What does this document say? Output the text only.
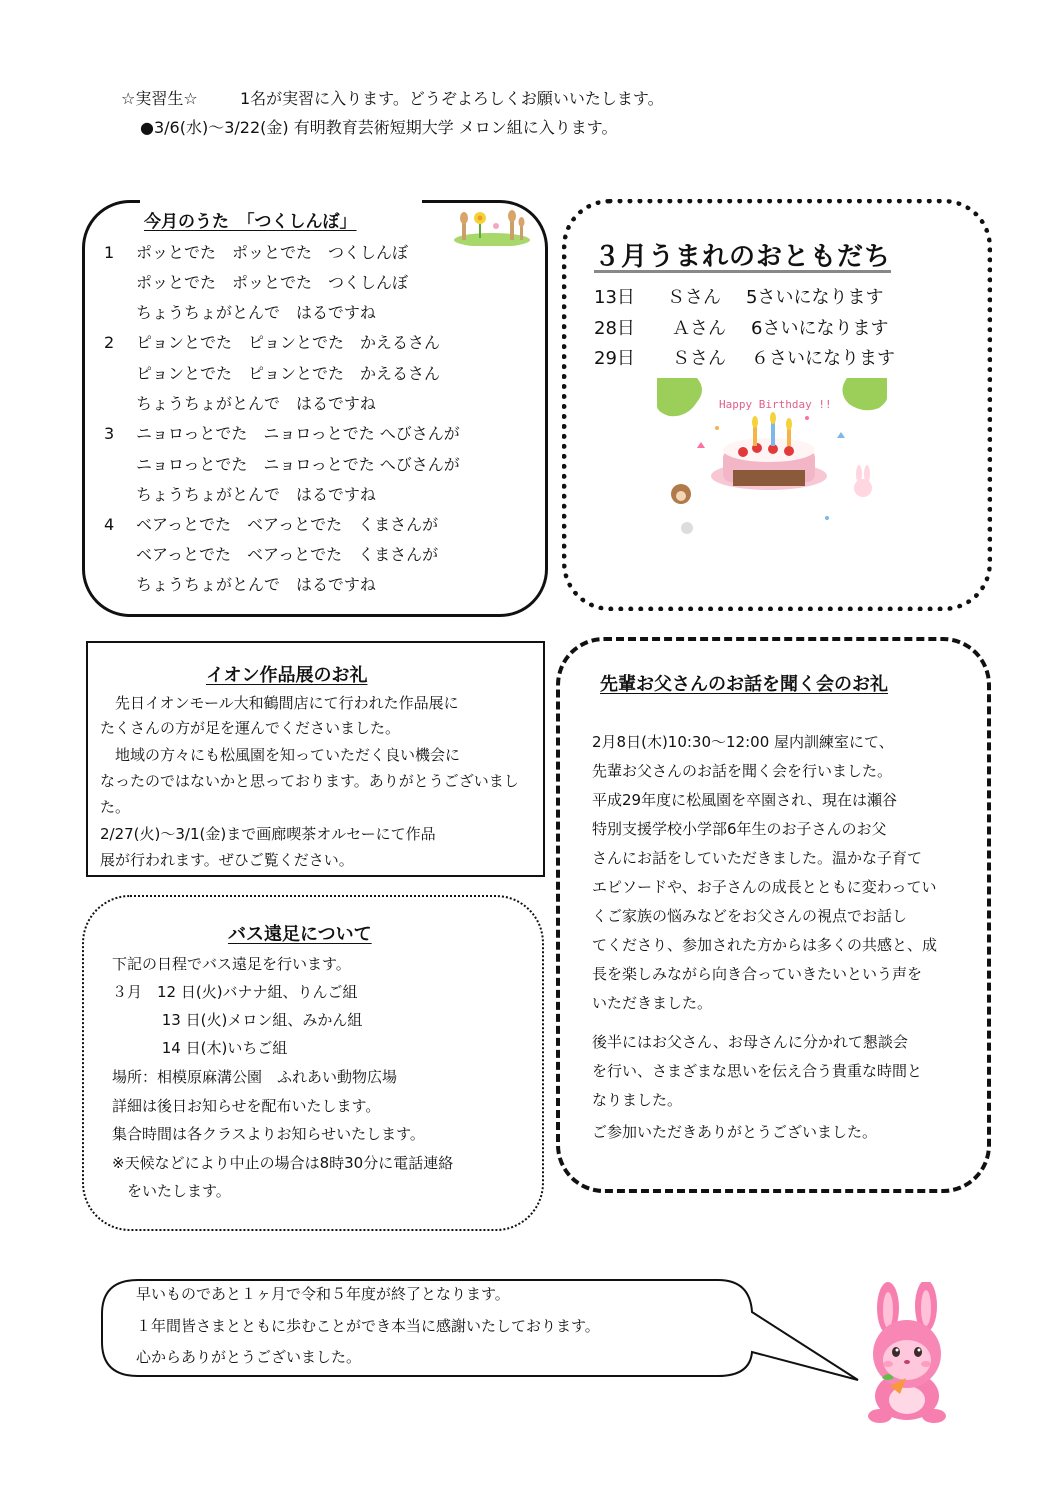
☆実習生☆	1名が実習に入ります。どうぞよろしくお願いいたします。
●3/6(水)～3/22(金) 有明教育芸術短期大学 メロン組に入ります。
今月のうた　「つくしんぼ」
1 ポッとでた　ポッとでた　つくしんぼ
ポッとでた　ポッとでた　つくしんぼ
ちょうちょがとんで　はるですね
2 ピョンとでた　ピョンとでた　かえるさん
ピョンとでた　ピョンとでた　かえるさん
ちょうちょがとんで　はるですね
3 ニョロっとでた　ニョロっとでた へびさんが
ニョロっとでた　ニョロっとでた へびさんが
ちょうちょがとんで　はるですね
4 ベアっとでた　ベアっとでた　くまさんが
ベアっとでた　ベアっとでた　くまさんが
ちょうちょがとんで　はるですね
３月うまれのおともだち
13日 Ｓさん 5さいになります
28日 Ａさん 6さいになります
29日 Ｓさん ６さいになります
Happy Birthday !!
イオン作品展のお礼
　先日イオンモール大和鶴間店にて行われた作品展に
たくさんの方が足を運んでくださいました。
　地域の方々にも松風園を知っていただく良い機会に
なったのではないかと思っております。ありがとうございまし
た。
2/27(火)～3/1(金)まで画廊喫茶オルセーにて作品
展が行われます。ぜひご覧ください。
バス遠足について
下記の日程でバス遠足を行います。
３月　12 日(火)バナナ組、りんご組
　　　 13 日(火)メロン組、みかん組
　　　 14 日(木)いちご組
場所：相模原麻溝公園　ふれあい動物広場
詳細は後日お知らせを配布いたします。
集合時間は各クラスよりお知らせいたします。
※天候などにより中止の場合は8時30分に電話連絡
　をいたします。
先輩お父さんのお話を聞く会のお礼
2月8日(木)10:30～12:00 屋内訓練室にて、
先輩お父さんのお話を聞く会を行いました。
平成29年度に松風園を卒園され、現在は瀬谷
特別支援学校小学部6年生のお子さんのお父
さんにお話をしていただきました。温かな子育て
エピソードや、お子さんの成長とともに変わってい
くご家族の悩みなどをお父さんの視点でお話し
てくださり、参加された方からは多くの共感と、成
長を楽しみながら向き合っていきたいという声を
いただきました。
後半にはお父さん、お母さんに分かれて懇談会
を行い、さまざまな思いを伝え合う貴重な時間と
なりました。
ご参加いただきありがとうございました。
早いものであと１ヶ月で令和５年度が終了となります。
１年間皆さまとともに歩むことができ本当に感謝いたしております。
心からありがとうございました。
